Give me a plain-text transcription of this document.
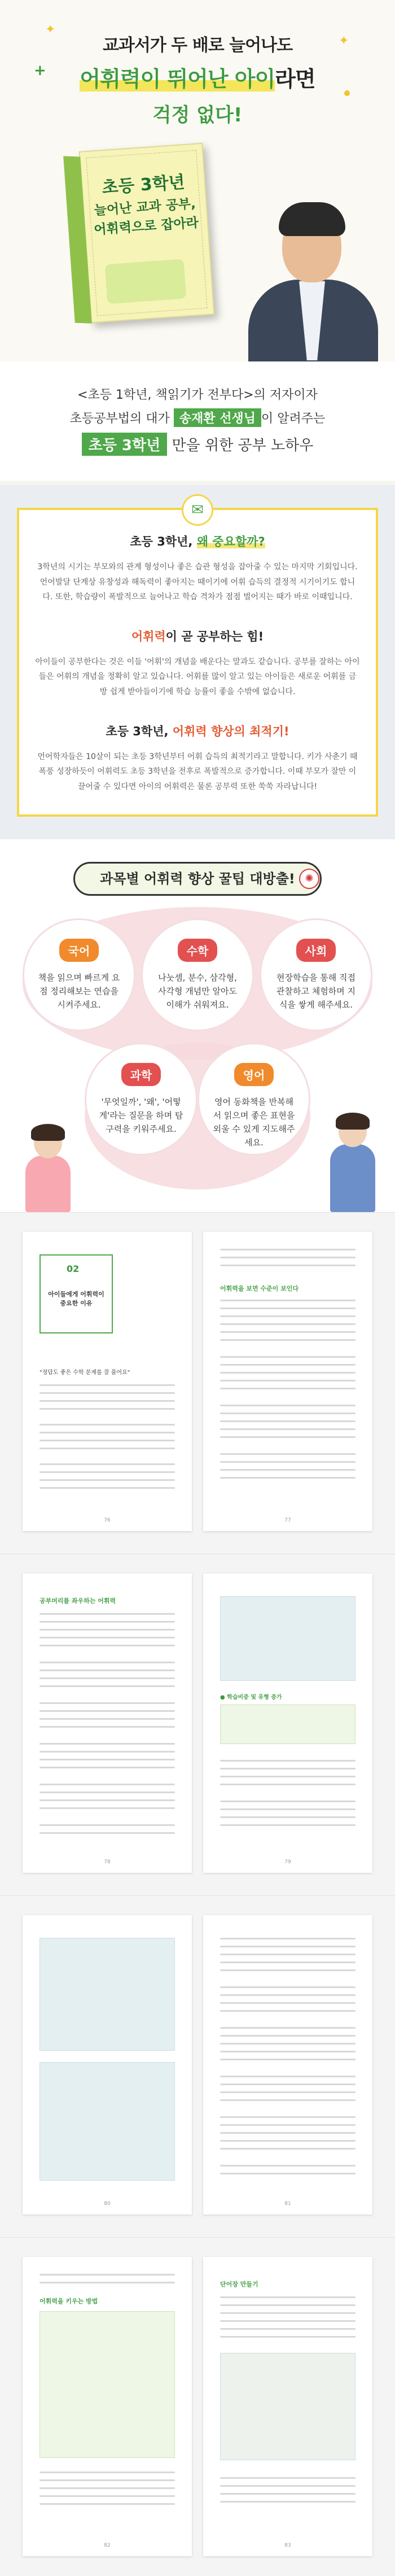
✦
+
✦
교과서가 두 배로 늘어나도
어휘력이 뛰어난 아이라면
걱정 없다!
초등 3학년
늘어난 교과 공부,
어휘력으로 잡아라
<초등 1학년, 책읽기가 전부다>의 저자이자
초등공부법의 대가 송재환 선생님 이 알려주는
초등 3학년 만을 위한 공부 노하우
✉
초등 3학년, 왜 중요할까?

3학년의 시기는 부모와의 관계 형성이나 좋은 습관 형성을 잡아줄 수 있는 마지막 기회입니다. 언어발달 단계상 유창성과 해독력이 좋아지는 때이기에 어휘 습득의 결정적 시기이기도 합니다. 또한, 학습량이 폭발적으로 늘어나고 학습 격차가 점점 벌어지는 때가 바로 이때입니다.

어휘력이 곧 공부하는 힘!

아이들이 공부한다는 것은 이들 '어휘'의 개념을 배운다는 말과도 같습니다. 공부를 잘하는 아이들은 어휘의 개념을 정확히 알고 있습니다. 어휘를 많이 알고 있는 아이들은 새로운 어휘를 금방 쉽게 받아들이기에 학습 능률이 좋을 수밖에 없습니다.

초등 3학년, 어휘력 향상의 최적기!

언어학자들은 10살이 되는 초등 3학년부터 어휘 습득의 최적기라고 말합니다. 키가 사춘기 때 폭풍 성장하듯이 어휘력도 초등 3학년을 전후로 폭발적으로 증가합니다. 이때 부모가 잘만 이끌어줄 수 있다면 아이의 어휘력은 물론 공부력 또한 쑥쑥 자라납니다!

과목별 어휘력 향상 꿀팁 대방출! ✺
국어
책을 읽으며 빠르게 요점 정리해보는 연습을 시켜주세요.
수학
나눗셈, 분수, 삼각형, 사각형 개념만 알아도 이해가 쉬워져요.
사회
현장학습을 통해 직접 관찰하고 체험하며 지식을 쌓게 해주세요.
과학
'무엇일까', '왜', '어떻게'라는 질문을 하며 탐구력을 키워주세요.
영어
영어 동화책을 반복해서 읽으며 좋은 표현을 외울 수 있게 지도해주세요.
02
아이들에게 어휘력이 중요한 이유
"정답도 좋은 수학 문제를 잘 풀어요"
76
어휘력을 보면 수준이 보인다
77
공부머리를 좌우하는 어휘력
78
● 학습비중 및 유형 증가
79
80	81
어휘력을 키우는 방법
82
단어장 만들기
83
